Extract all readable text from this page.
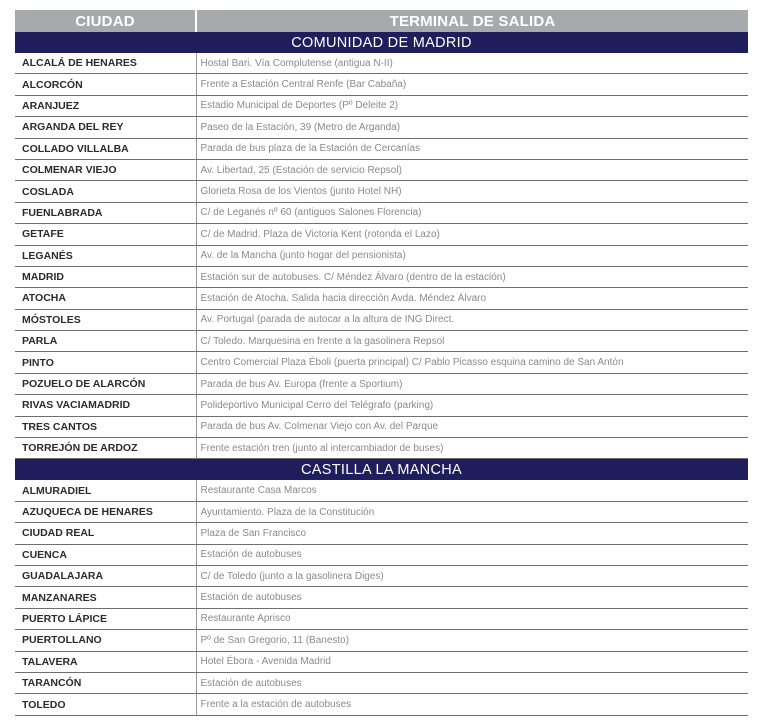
CIUDAD	TERMINAL DE SALIDA
COMUNIDAD DE MADRID	
ALCALÁ DE HENARES	Hostal Bari. Vía Complutense (antigua N-II)
ALCORCÓN	Frente a Estación Central Renfe (Bar Cabaña)
ARANJUEZ	Estadio Municipal de Deportes (Pº Deleite 2)
ARGANDA DEL REY	Paseo de la Estación, 39 (Metro de Arganda)
COLLADO VILLALBA	Parada de bus plaza de la Estación de Cercanías
COLMENAR VIEJO	Av. Libertad, 25 (Estación de servicio Repsol)
COSLADA	Glorieta Rosa de los Vientos (junto Hotel NH)
FUENLABRADA	C/ de Leganés nº 60 (antiguos Salones Florencia)
GETAFE	C/ de Madrid. Plaza de Victoria Kent (rotonda el Lazo)
LEGANÉS	Av. de la Mancha (junto hogar del pensionista)
MADRID	Estación sur de autobuses. C/ Méndez Álvaro (dentro de la estación)
ATOCHA	Estación de Atocha. Salida hacia dirección Avda. Méndez Álvaro
MÓSTOLES	Av. Portugal (parada de autocar a la altura de ING Direct.
PARLA	C/ Toledo. Marquesina en frente a la gasolinera Repsol
PINTO	Centro Comercial Plaza Éboli (puerta principal) C/ Pablo Picasso esquina camino de San Antón
POZUELO DE ALARCÓN	Parada de bus Av. Europa (frente a Sportium)
RIVAS VACIAMADRID	Polideportivo Municipal Cerro del Telégrafo (parking)
TRES CANTOS	Parada de bus Av. Colmenar Viejo con Av. del Parque
TORREJÓN DE ARDOZ	Frente estación tren (junto al intercambiador de buses)
CASTILLA LA MANCHA	
ALMURADIEL	Restaurante Casa Marcos
AZUQUECA DE HENARES	Ayuntamiento. Plaza de la Constitución
CIUDAD REAL	Plaza de San Francisco
CUENCA	Estación de autobuses
GUADALAJARA	C/ de Toledo (junto a la gasolinera Diges)
MANZANARES	Estación de autobuses
PUERTO LÁPICE	Restaurante Aprisco
PUERTOLLANO	Pº de San Gregorio, 11 (Banesto)
TALAVERA	Hotel Ébora - Avenida Madrid
TARANCÓN	Estación de autobuses
TOLEDO	Frente a la estación de autobuses
